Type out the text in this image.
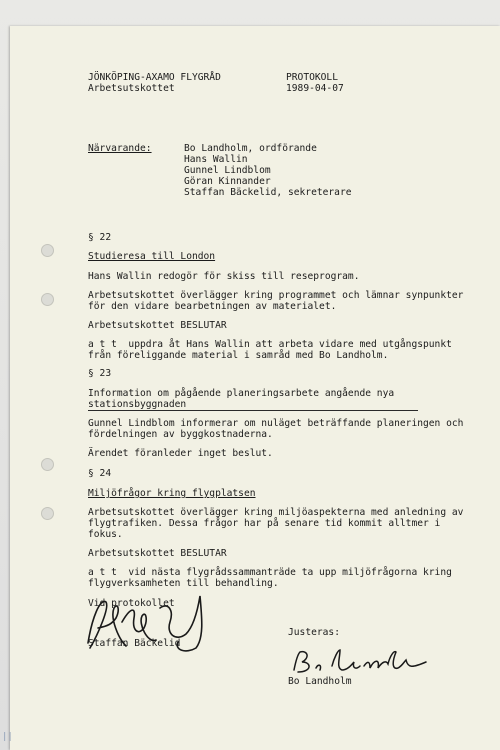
JÖNKÖPING-AXAMO FLYGRÅD
Arbetsutskottet
PROTOKOLL
1989-04-07
Närvarande:	Bo Landholm, ordförande
Hans Wallin
Gunnel Lindblom
Göran Kinnander
Staffan Bäckelid, sekreterare
§ 22
Studieresa till London
Hans Wallin redogör för skiss till reseprogram.
Arbetsutskottet överlägger kring programmet och lämnar synpunkter
för den vidare bearbetningen av materialet.
Arbetsutskottet BESLUTAR
a t t  uppdra åt Hans Wallin att arbeta vidare med utgångspunkt
från föreliggande material i samråd med Bo Landholm.
§ 23
Information om pågående planeringsarbete angående nya
stationsbyggnaden
Gunnel Lindblom informerar om nuläget beträffande planeringen och
fördelningen av byggkostnaderna.
Ärendet föranleder inget beslut.
§ 24
Miljöfrågor kring flygplatsen
Arbetsutskottet överlägger kring miljöaspekterna med anledning av
flygtrafiken. Dessa frågor har på senare tid kommit alltmer i
fokus.
Arbetsutskottet BESLUTAR
a t t  vid nästa flygrådssammanträde ta upp miljöfrågorna kring
flygverksamheten till behandling.
Vid protokollet
Staffan Bäckelid
Justeras:
Bo Landholm
||
